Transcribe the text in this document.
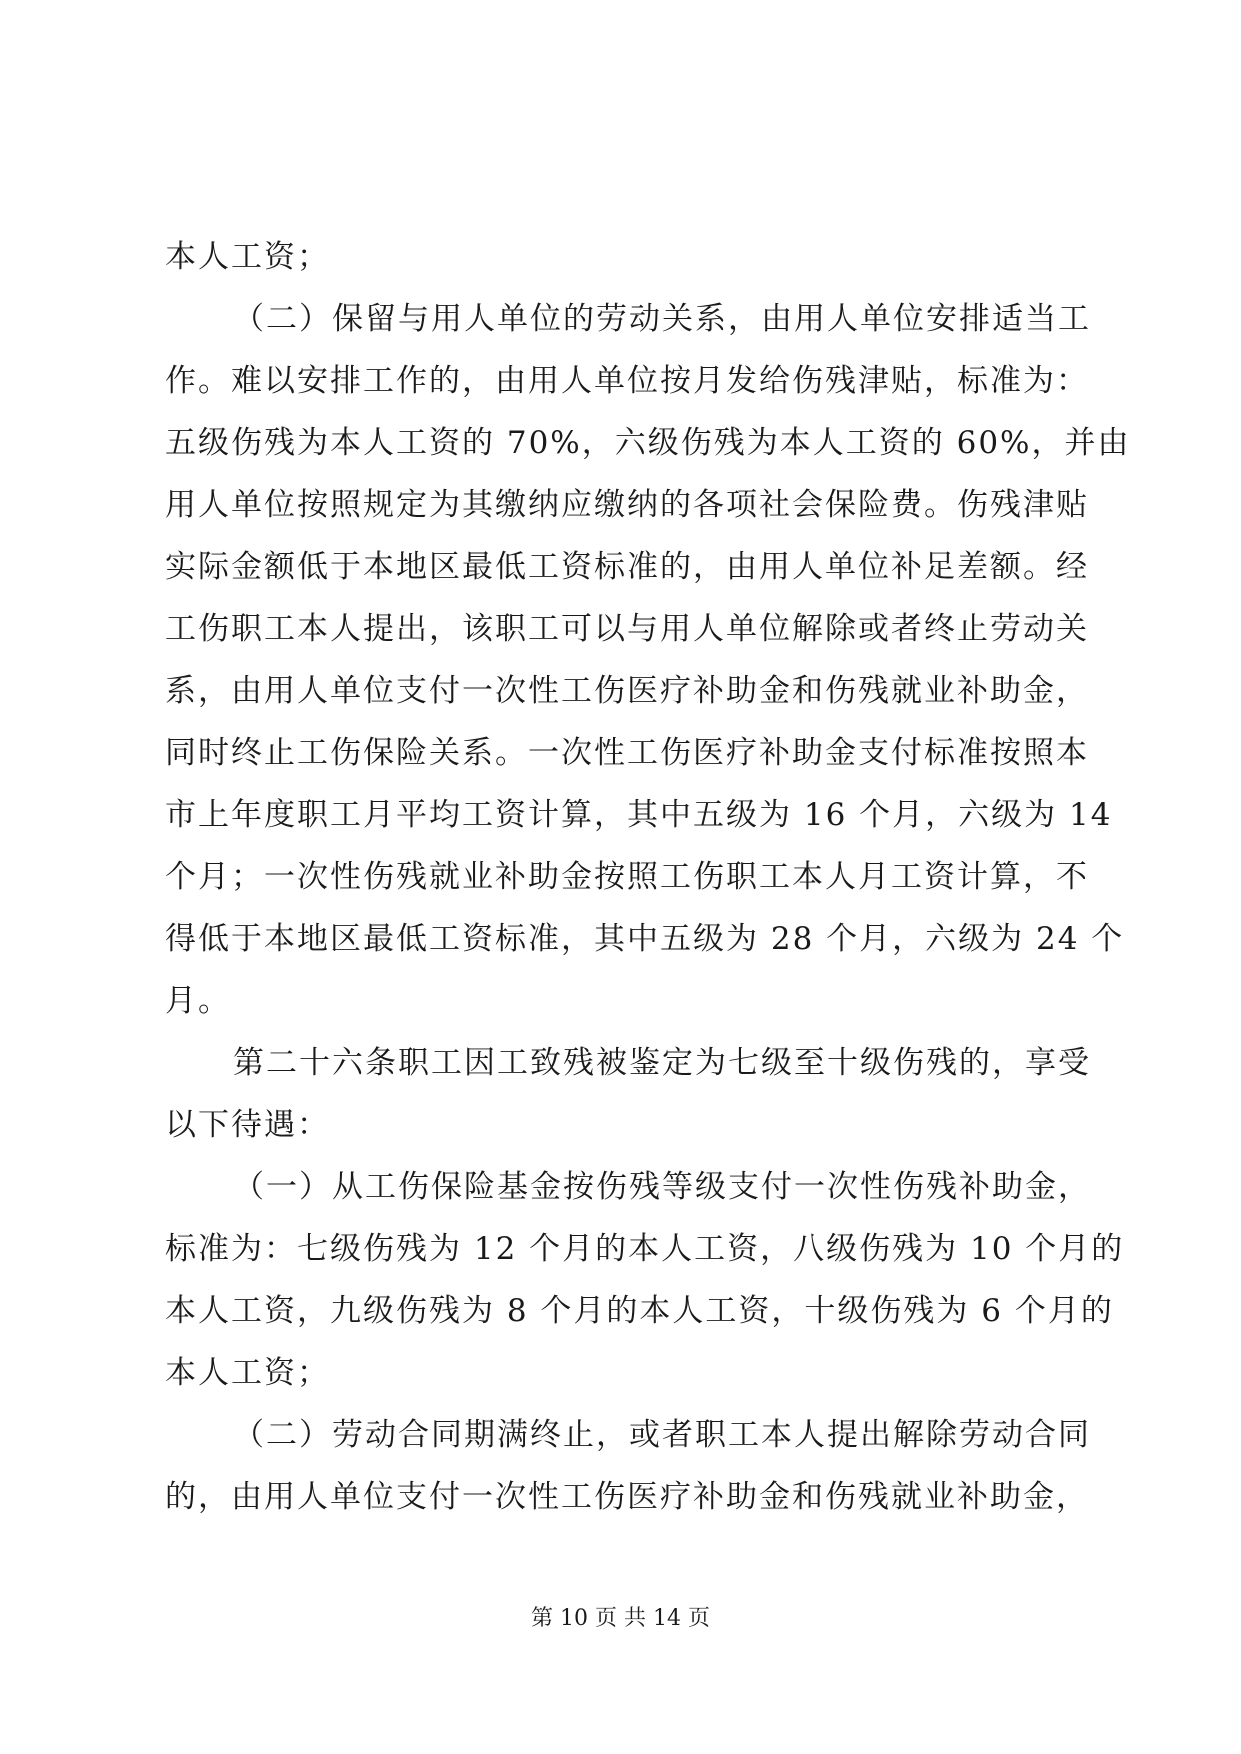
本人工资；
（二）保留与用人单位的劳动关系，由用人单位安排适当工
作。难以安排工作的，由用人单位按月发给伤残津贴，标准为：
五级伤残为本人工资的 70%，六级伤残为本人工资的 60%，并由
用人单位按照规定为其缴纳应缴纳的各项社会保险费。伤残津贴
实际金额低于本地区最低工资标准的，由用人单位补足差额。经
工伤职工本人提出，该职工可以与用人单位解除或者终止劳动关
系，由用人单位支付一次性工伤医疗补助金和伤残就业补助金，
同时终止工伤保险关系。一次性工伤医疗补助金支付标准按照本
市上年度职工月平均工资计算，其中五级为 16 个月，六级为 14
个月；一次性伤残就业补助金按照工伤职工本人月工资计算，不
得低于本地区最低工资标准，其中五级为 28 个月，六级为 24 个
月。
第二十六条职工因工致残被鉴定为七级至十级伤残的，享受
以下待遇：
（一）从工伤保险基金按伤残等级支付一次性伤残补助金，
标准为：七级伤残为 12 个月的本人工资，八级伤残为 10 个月的
本人工资，九级伤残为 8 个月的本人工资，十级伤残为 6 个月的
本人工资；
（二）劳动合同期满终止，或者职工本人提出解除劳动合同
的，由用人单位支付一次性工伤医疗补助金和伤残就业补助金，
第 10 页 共 14 页
